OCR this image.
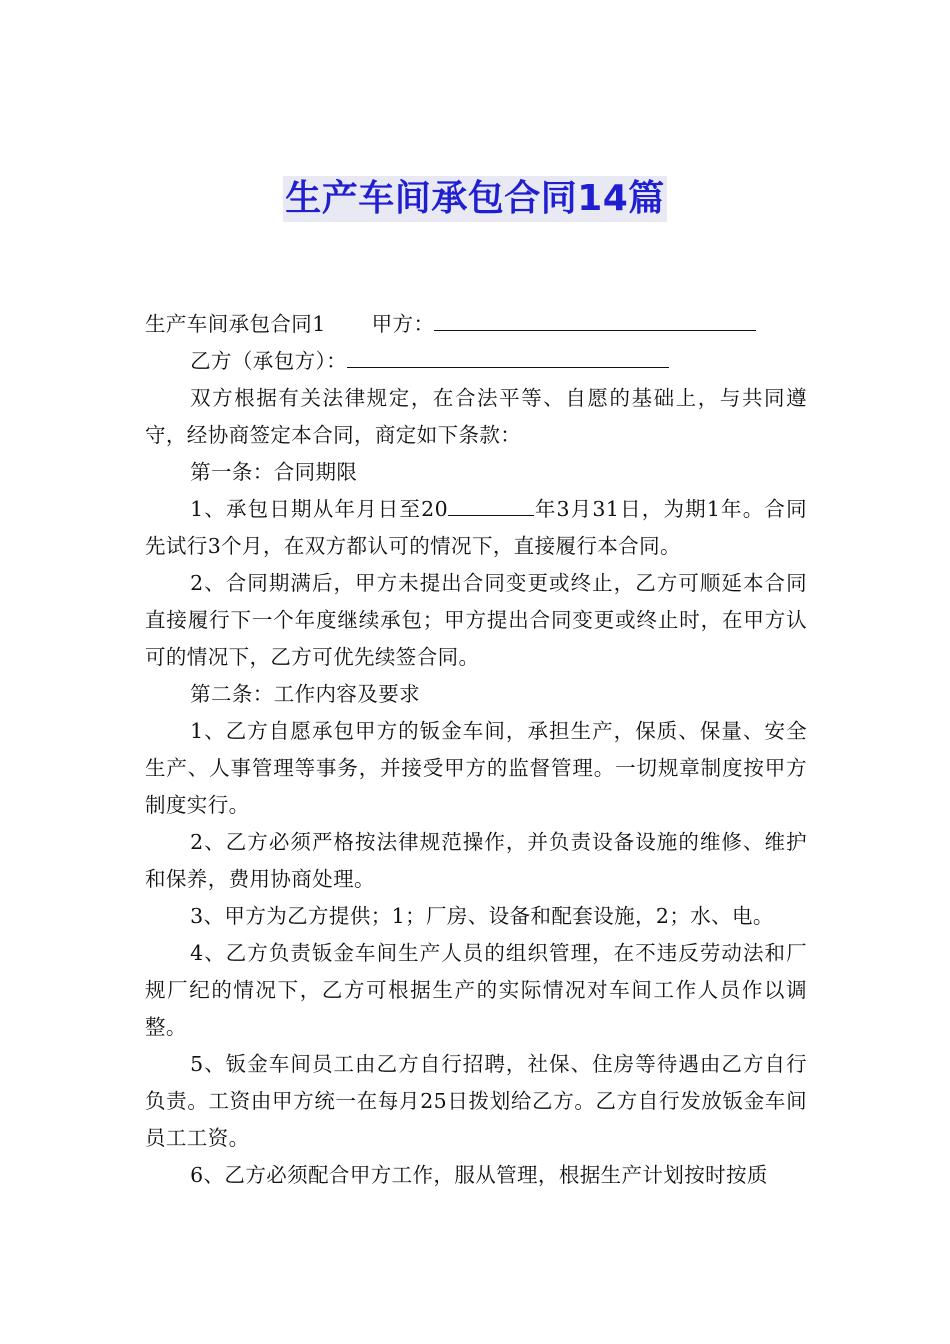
生产车间承包合同14篇

生产车间承包合同1 甲方：

乙方（承包方）：

双方根据有关法律规定，在合法平等、自愿的基础上，与共同遵守，经协商签定本合同，商定如下条款：

第一条：合同期限

1、承包日期从年月日至20	年3月31日，为期1年。合同先试行3个月，在双方都认可的情况下，直接履行本合同。

2、合同期满后，甲方未提出合同变更或终止，乙方可顺延本合同直接履行下一个年度继续承包；甲方提出合同变更或终止时，在甲方认可的情况下，乙方可优先续签合同。

第二条：工作内容及要求

1、乙方自愿承包甲方的钣金车间，承担生产，保质、保量、安全生产、人事管理等事务，并接受甲方的监督管理。一切规章制度按甲方制度实行。

2、乙方必须严格按法律规范操作，并负责设备设施的维修、维护和保养，费用协商处理。

3、甲方为乙方提供；1；厂房、设备和配套设施，2；水、电。

4、乙方负责钣金车间生产人员的组织管理，在不违反劳动法和厂规厂纪的情况下，乙方可根据生产的实际情况对车间工作人员作以调整。

5、钣金车间员工由乙方自行招聘，社保、住房等待遇由乙方自行负责。工资由甲方统一在每月25日拨划给乙方。乙方自行发放钣金车间员工工资。

6、乙方必须配合甲方工作，服从管理，根据生产计划按时按质
